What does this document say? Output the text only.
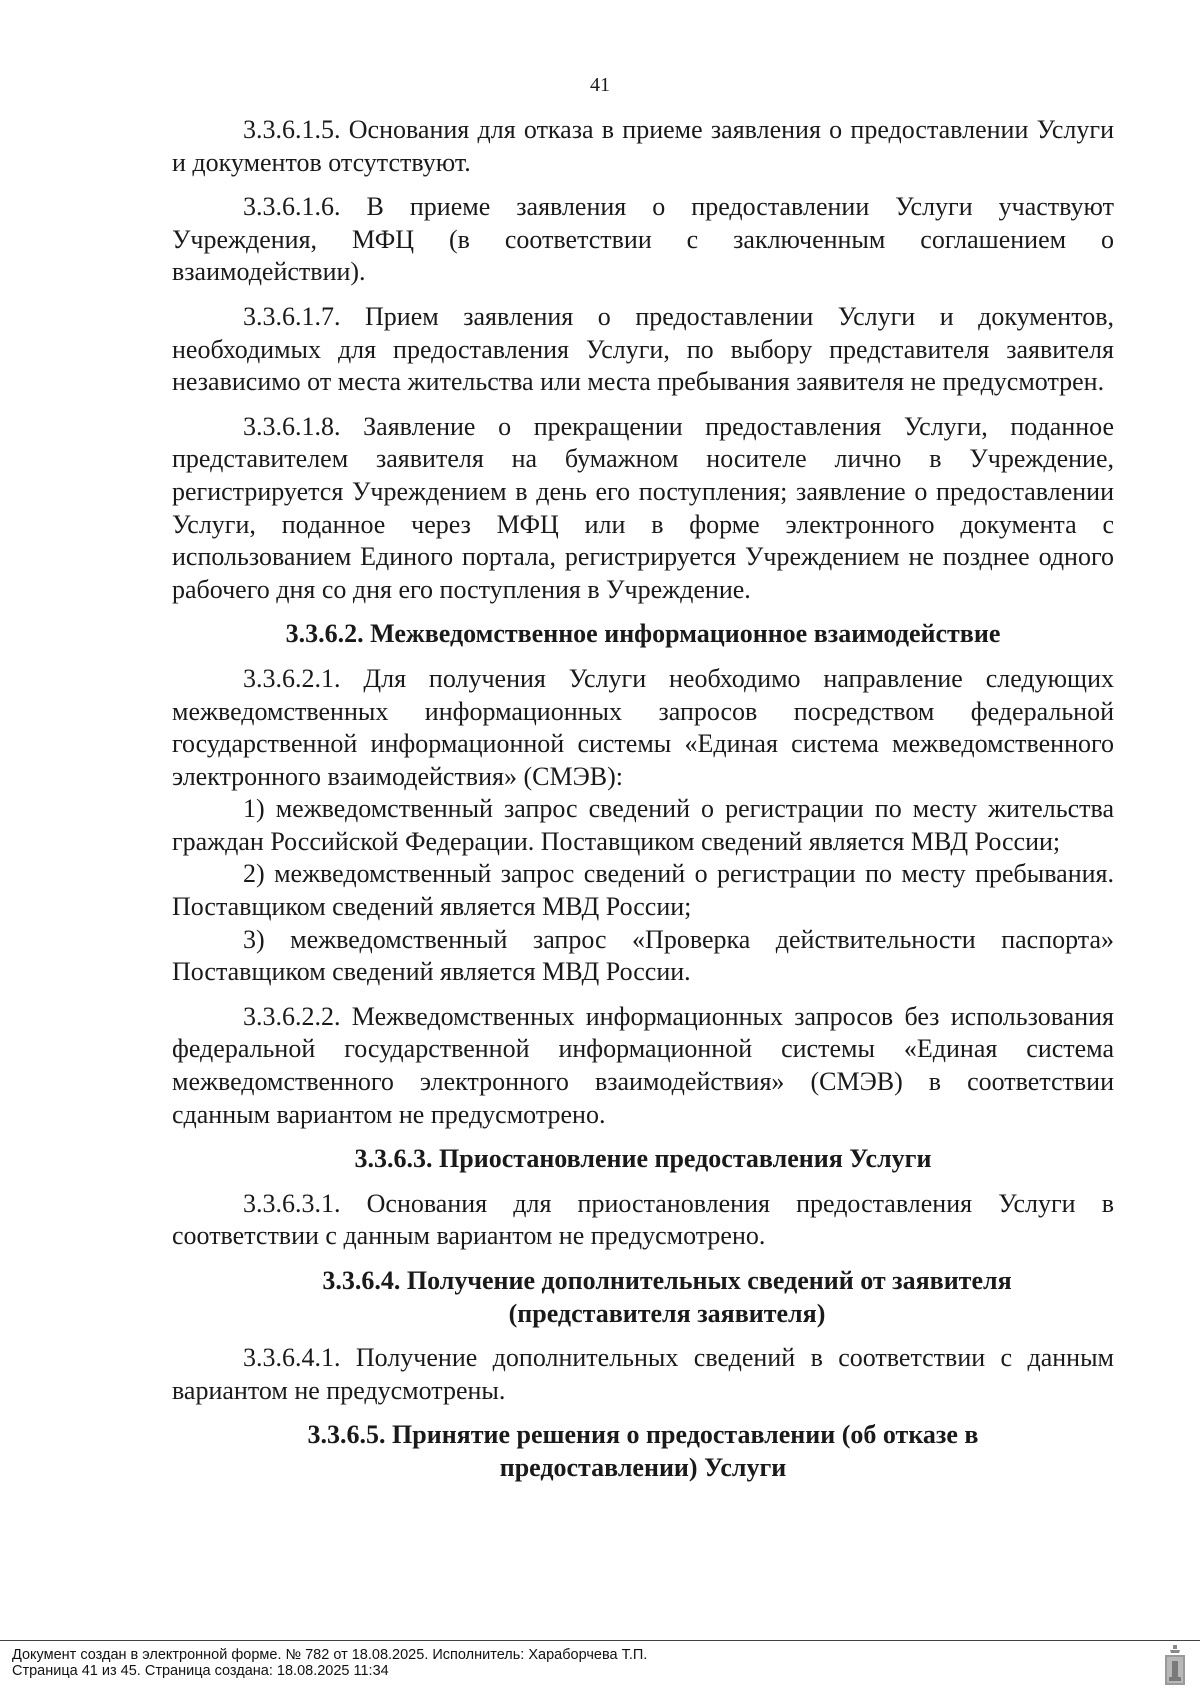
41

3.3.6.1.5. Основания для отказа в приеме заявления о предоставлении Услуги и документов отсутствуют.

3.3.6.1.6. В приеме заявления о предоставлении Услуги участвуют Учреждения, МФЦ (в соответствии с заключенным соглашением о взаимодействии).

3.3.6.1.7. Прием заявления о предоставлении Услуги и документов, необходимых для предоставления Услуги, по выбору представителя заявителя независимо от места жительства или места пребывания заявителя не предусмотрен.

3.3.6.1.8. Заявление о прекращении предоставления Услуги, поданное представителем заявителя на бумажном носителе лично в Учреждение, регистрируется Учреждением в день его поступления; заявление о предоставлении Услуги, поданное через МФЦ или в форме электронного документа с использованием Единого портала, регистрируется Учреждением не позднее одного рабочего дня со дня его поступления в Учреждение.

3.3.6.2. Межведомственное информационное взаимодействие

3.3.6.2.1. Для получения Услуги необходимо направление следующих межведомственных информационных запросов посредством федеральной государственной информационной системы «Единая система межведомственного электронного взаимодействия» (СМЭВ):

1) межведомственный запрос сведений о регистрации по месту жительства граждан Российской Федерации. Поставщиком сведений является МВД России;

2) межведомственный запрос сведений о регистрации по месту пребывания. Поставщиком сведений является МВД России;

3) межведомственный запрос «Проверка действительности паспорта» Поставщиком сведений является МВД России.

3.3.6.2.2. Межведомственных информационных запросов без использования федеральной государственной информационной системы «Единая система межведомственного электронного взаимодействия» (СМЭВ) в соответствии сданным вариантом не предусмотрено.

3.3.6.3. Приостановление предоставления Услуги

3.3.6.3.1. Основания для приостановления предоставления Услуги в соответствии с данным вариантом не предусмотрено.

3.3.6.4. Получение дополнительных сведений от заявителя
(представителя заявителя)

3.3.6.4.1. Получение дополнительных сведений в соответствии с данным вариантом не предусмотрены.

3.3.6.5. Принятие решения о предоставлении (об отказе в
предоставлении) Услуги
Документ создан в электронной форме. № 782 от 18.08.2025. Исполнитель: Хараборчева Т.П.
Страница 41 из 45. Страница создана: 18.08.2025 11:34
